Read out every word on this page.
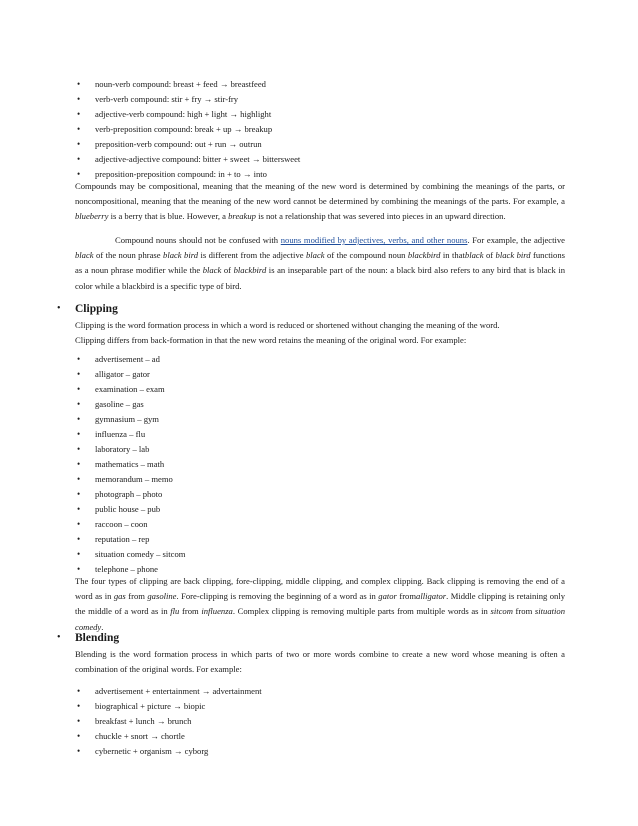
• noun-verb compound: breast + feed → breastfeed
• verb-verb compound: stir + fry → stir-fry
• adjective-verb compound: high + light → highlight
• verb-preposition compound: break + up → breakup
• preposition-verb compound: out + run → outrun
• adjective-adjective compound: bitter + sweet → bittersweet
• preposition-preposition compound: in + to → into

Compounds may be compositional, meaning that the meaning of the new word is determined by combining the meanings of the parts, or noncompositional, meaning that the meaning of the new word cannot be determined by combining the meanings of the parts. For example, a blueberry is a berry that is blue. However, a breakup is not a relationship that was severed into pieces in an upward direction.

Compound nouns should not be confused with nouns modified by adjectives, verbs, and other nouns. For example, the adjective black of the noun phrase black bird is different from the adjective black of the compound noun blackbird in thatblack of black bird functions as a noun phrase modifier while the black of blackbird is an inseparable part of the noun: a black bird also refers to any bird that is black in color while a blackbird is a specific type of bird.

• Clipping

Clipping is the word formation process in which a word is reduced or shortened without changing the meaning of the word.
Clipping differs from back-formation in that the new word retains the meaning of the original word. For example:

• advertisement – ad
• alligator – gator
• examination – exam
• gasoline – gas
• gymnasium – gym
• influenza – flu
• laboratory – lab
• mathematics – math
• memorandum – memo
• photograph – photo
• public house – pub
• raccoon – coon
• reputation – rep
• situation comedy – sitcom
• telephone – phone

The four types of clipping are back clipping, fore-clipping, middle clipping, and complex clipping. Back clipping is removing the end of a word as in gas from gasoline. Fore-clipping is removing the beginning of a word as in gator fromalligator. Middle clipping is retaining only the middle of a word as in flu from influenza. Complex clipping is removing multiple parts from multiple words as in sitcom from situation comedy.

• Blending

Blending is the word formation process in which parts of two or more words combine to create a new word whose meaning is often a combination of the original words. For example:

• advertisement + entertainment → advertainment
• biographical + picture → biopic
• breakfast + lunch → brunch
• chuckle + snort → chortle
• cybernetic + organism → cyborg
